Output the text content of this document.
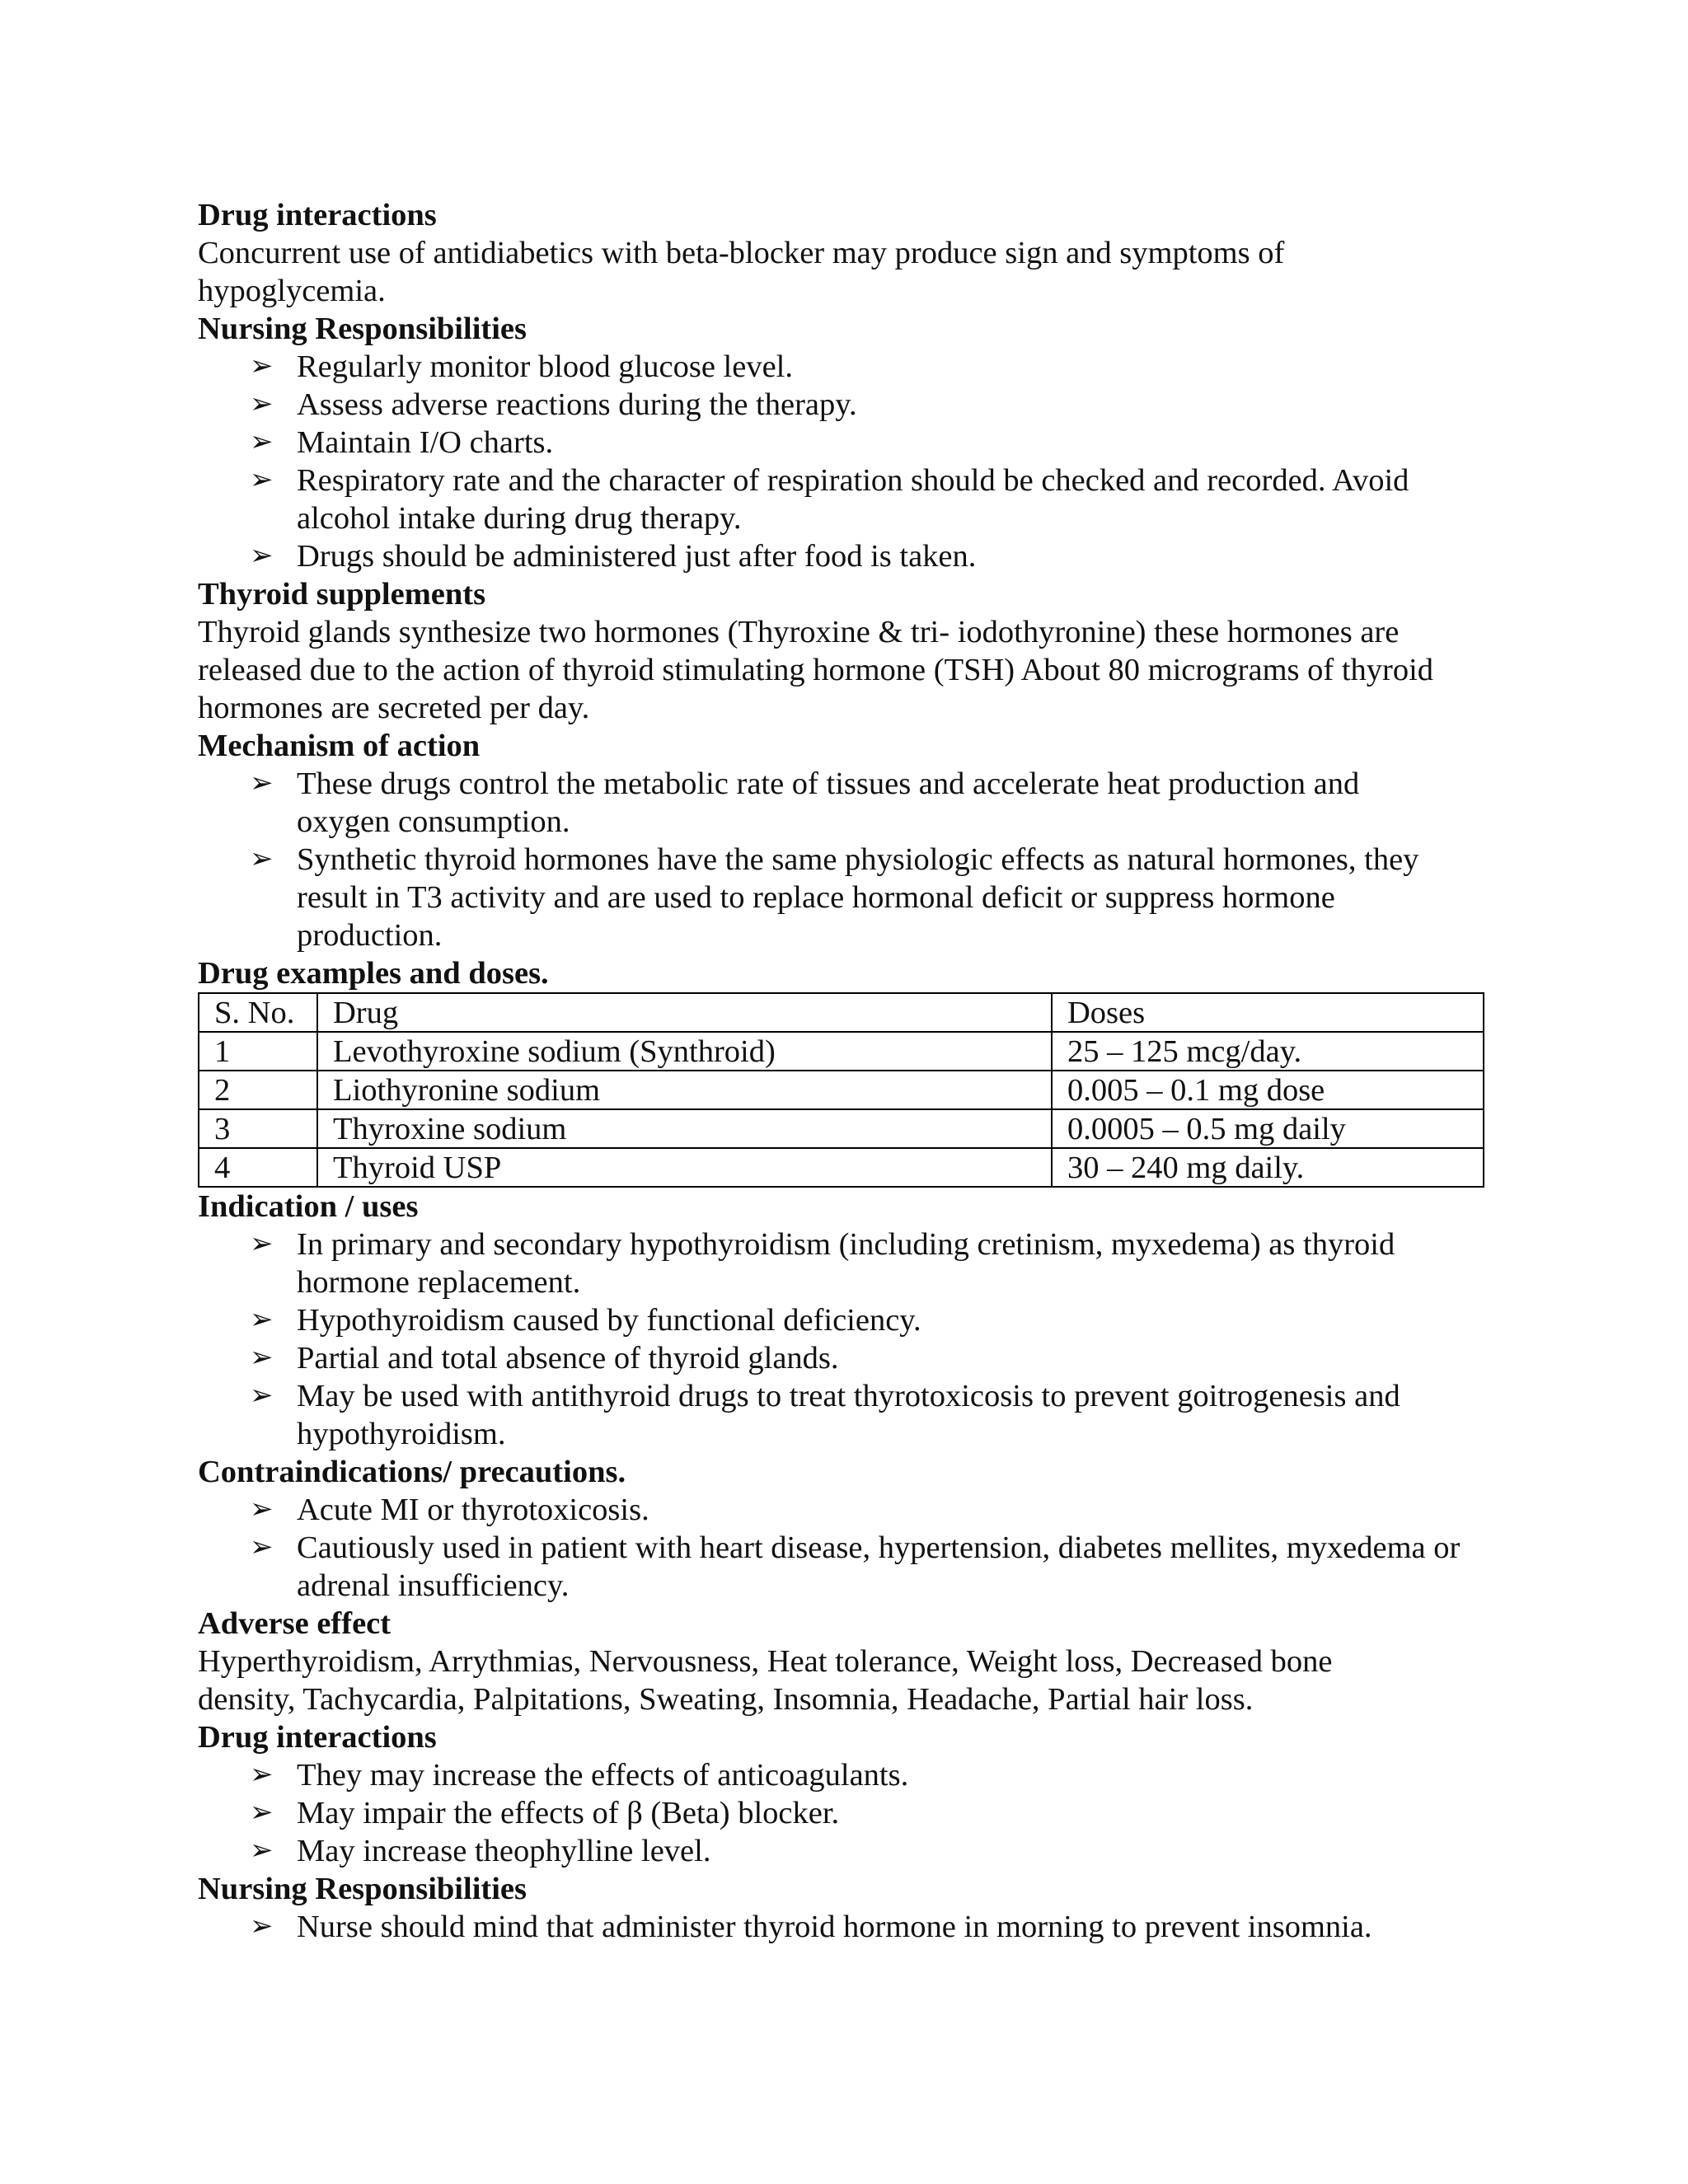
Drug interactions

Concurrent use of antidiabetics with beta-blocker may produce sign and symptoms of hypoglycemia.

Nursing Responsibilities
➢ Regularly monitor blood glucose level.
➢ Assess adverse reactions during the therapy.
➢ Maintain I/O charts.
➢ Respiratory rate and the character of respiration should be checked and recorded. Avoid alcohol intake during drug therapy.
➢ Drugs should be administered just after food is taken.
Thyroid supplements

Thyroid glands synthesize two hormones (Thyroxine & tri- iodothyronine) these hormones are released due to the action of thyroid stimulating hormone (TSH) About 80 micrograms of thyroid hormones are secreted per day.

Mechanism of action
➢ These drugs control the metabolic rate of tissues and accelerate heat production and oxygen consumption.
➢ Synthetic thyroid hormones have the same physiologic effects as natural hormones, they result in T3 activity and are used to replace hormonal deficit or suppress hormone production.
Drug examples and doses.
S. No.	Drug	Doses
1	Levothyroxine sodium (Synthroid)	25 – 125 mcg/day.
2	Liothyronine sodium	0.005 – 0.1 mg dose
3	Thyroxine sodium	0.0005 – 0.5 mg daily
4	Thyroid USP	30 – 240 mg daily.
Indication / uses
➢ In primary and secondary hypothyroidism (including cretinism, myxedema) as thyroid hormone replacement.
➢ Hypothyroidism caused by functional deficiency.
➢ Partial and total absence of thyroid glands.
➢ May be used with antithyroid drugs to treat thyrotoxicosis to prevent goitrogenesis and hypothyroidism.
Contraindications/ precautions.
➢ Acute MI or thyrotoxicosis.
➢ Cautiously used in patient with heart disease, hypertension, diabetes mellites, myxedema or adrenal insufficiency.
Adverse effect

Hyperthyroidism, Arrythmias, Nervousness, Heat tolerance, Weight loss, Decreased bone density, Tachycardia, Palpitations, Sweating, Insomnia, Headache, Partial hair loss.

Drug interactions
➢ They may increase the effects of anticoagulants.
➢ May impair the effects of β (Beta) blocker.
➢ May increase theophylline level.
Nursing Responsibilities
➢ Nurse should mind that administer thyroid hormone in morning to prevent insomnia.
